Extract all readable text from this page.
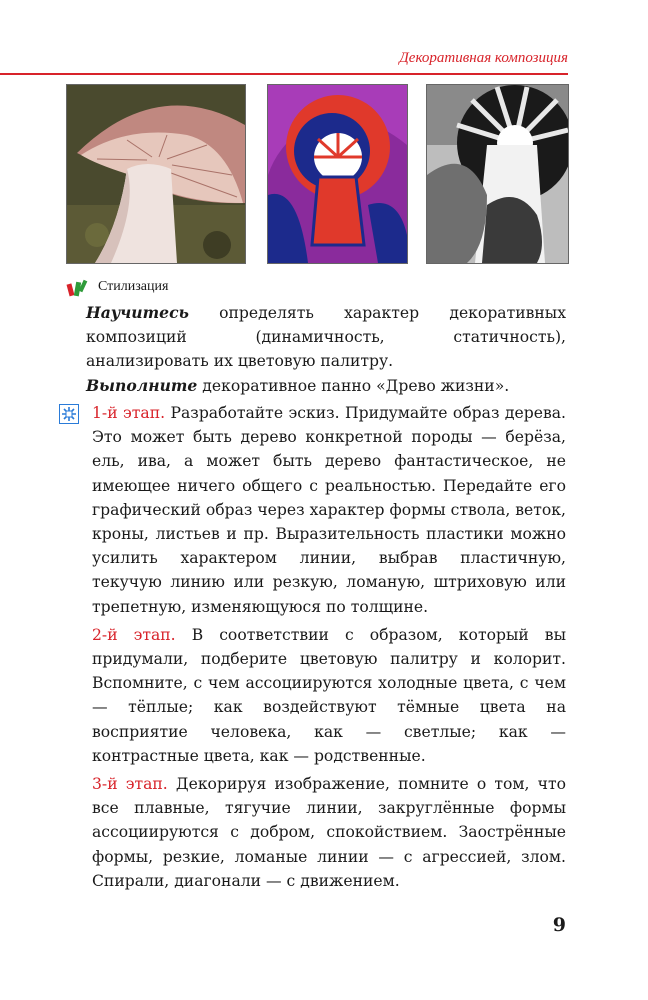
Декоративная композиция
Стилизация

Научитесь определять характер декоративных композиций (динамичность, статичность), анализировать их цветовую палитру.

Выполните декоративное панно «Древо жизни».

1-й этап. Разработайте эскиз. Придумайте образ дерева. Это может быть дерево конкретной породы — берёза, ель, ива, а может быть дерево фантастическое, не имеющее ничего общего с реальностью. Передайте его графический образ через характер формы ствола, веток, кроны, листьев и пр. Выразительность пластики можно усилить характером линии, выбрав пластичную, текучую линию или резкую, ломаную, штриховую или трепетную, изменяющуюся по толщине.

2-й этап. В соответствии с образом, который вы придумали, подберите цветовую палитру и колорит. Вспомните, с чем ассоциируются холодные цвета, с чем — тёплые; как воздействуют тёмные цвета на восприятие человека, как — светлые; как — контрастные цвета, как — родственные.

3-й этап. Декорируя изображение, помните о том, что все плавные, тягучие линии, закруглённые формы ассоциируются с добром, спокойствием. Заострённые формы, резкие, ломаные линии — с агрессией, злом. Спирали, диагонали — с движением.

9
